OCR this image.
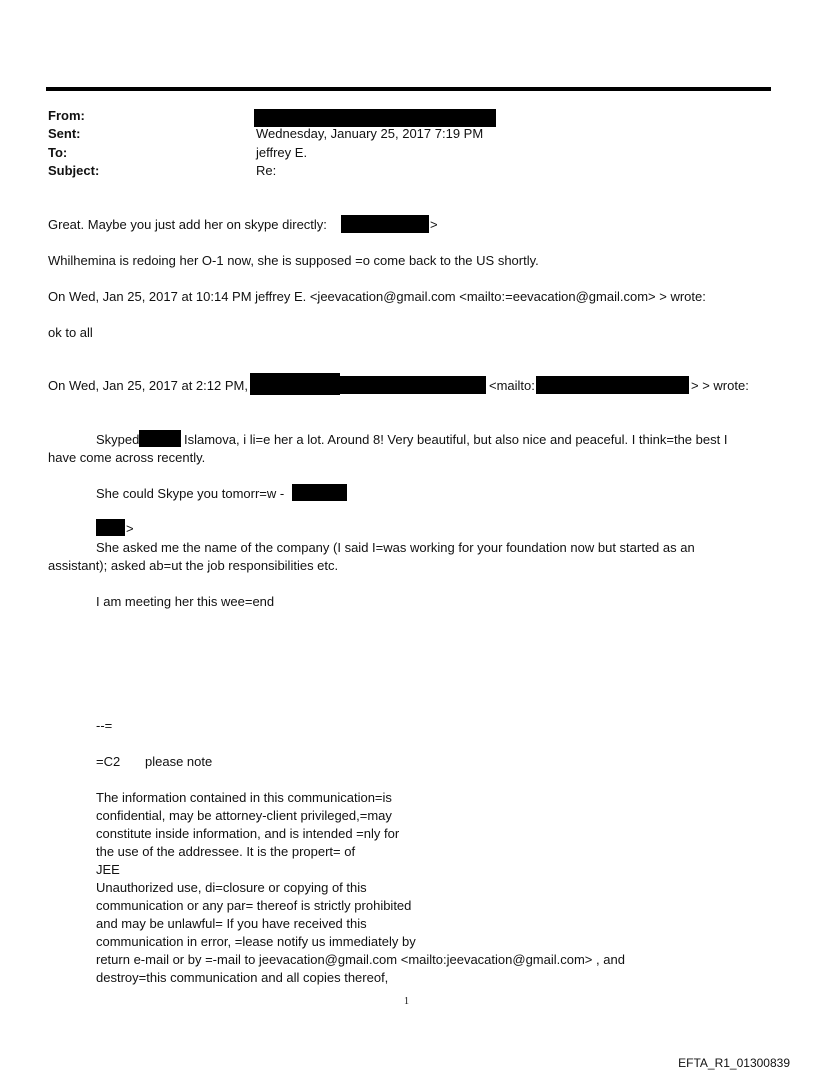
From:
Sent:	Wednesday, January 25, 2017 7:19 PM
To:	jeffrey E.
Subject:	Re:
Great. Maybe you just add her on skype directly:	>
Whilhemina is redoing her O-1 now, she is supposed =o come back to the US shortly.
On Wed, Jan 25, 2017 at 10:14 PM jeffrey E. <jeevacation@gmail.com <mailto:=eevacation@gmail.com> > wrote:
ok to all
On Wed, Jan 25, 2017 at 2:12 PM,	<mailto:	> > wrote:
Skyped	Islamova, i li=e her a lot. Around 8! Very beautiful, but also nice and peaceful. I think=the best I
have come across recently.
She could Skype you tomorr=w -
>
She asked me the name of the company (I said I=was working for your foundation now but started as an
assistant); asked ab=ut the job responsibilities etc.
I am meeting her this wee=end
--=
=C2 please note
The information contained in this communication=is
confidential, may be attorney-client privileged,=may
constitute inside information, and is intended =nly for
the use of the addressee. It is the propert= of
JEE
Unauthorized use, di=closure or copying of this
communication or any par= thereof is strictly prohibited
and may be unlawful= If you have received this
communication in error, =lease notify us immediately by
return e-mail or by =-mail to jeevacation@gmail.com <mailto:jeevacation@gmail.com> , and
destroy=this communication and all copies thereof,
1
EFTA_R1_01300839
